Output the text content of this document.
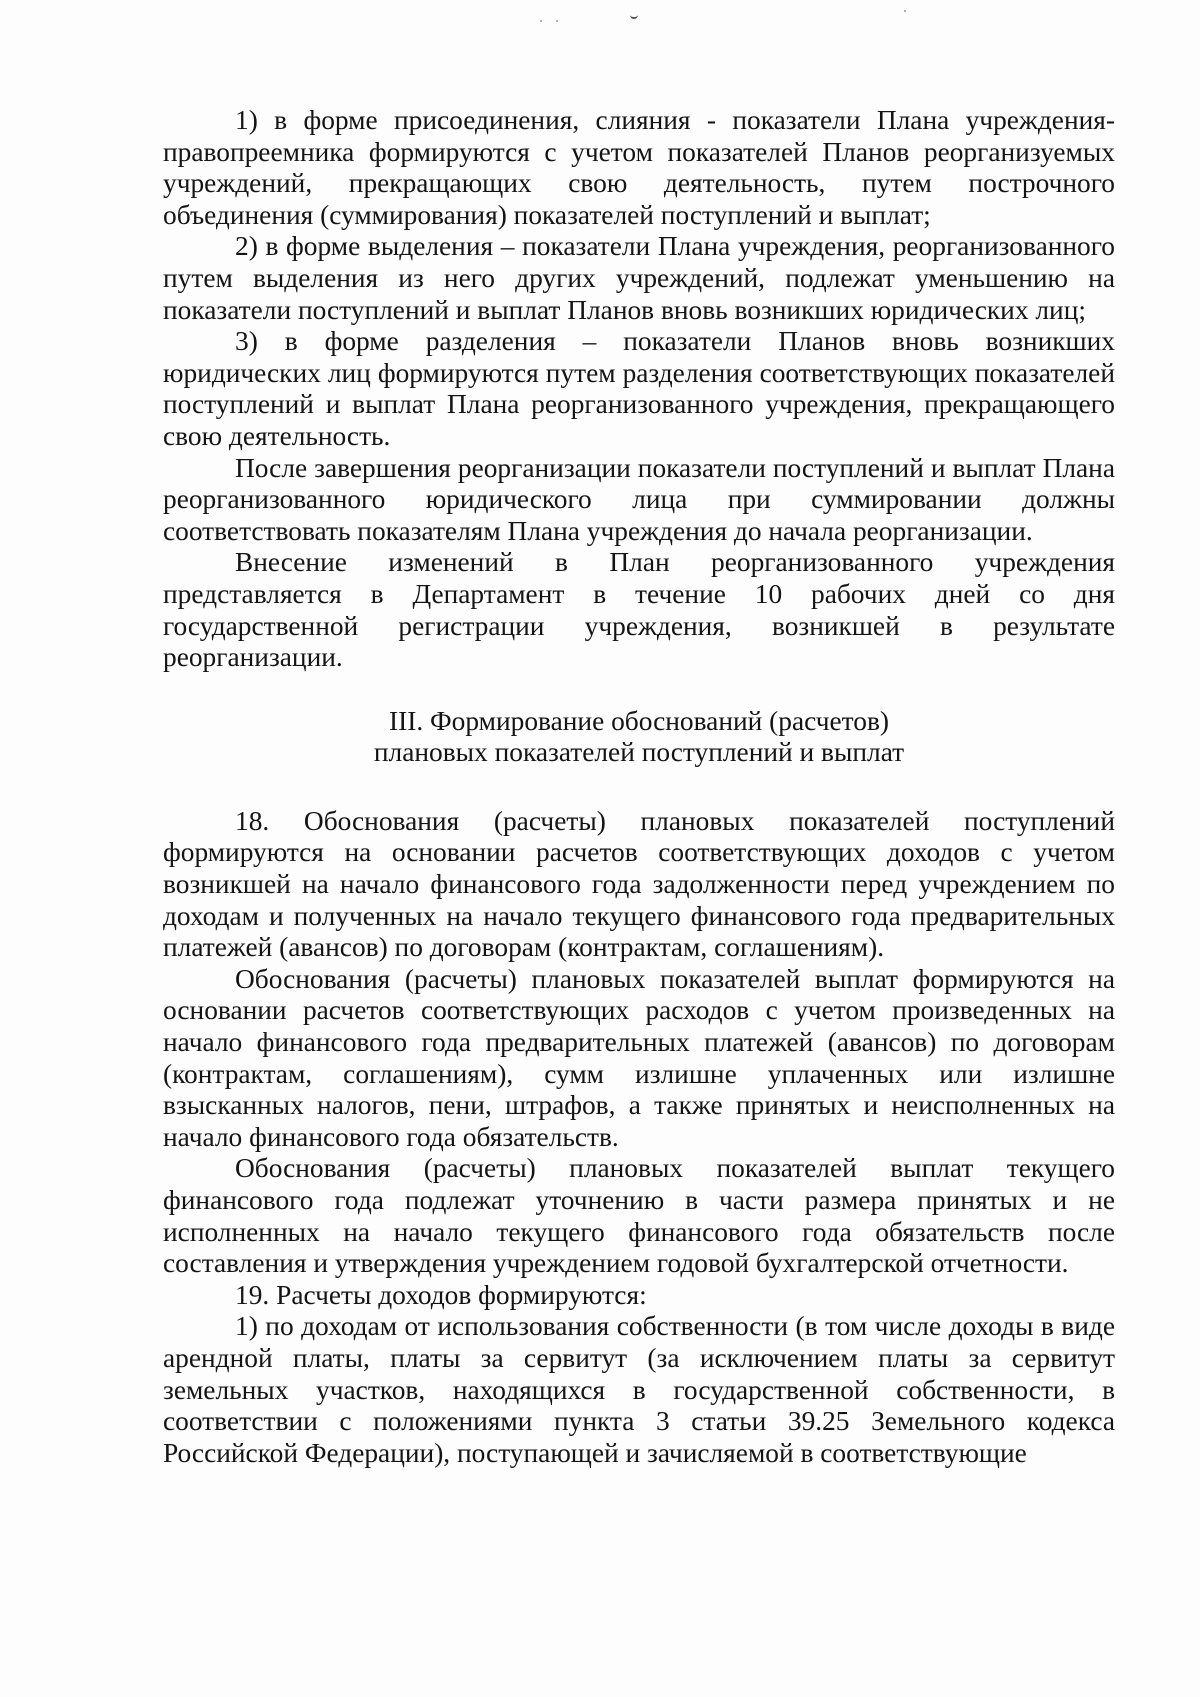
1) в форме присоединения, слияния - показатели Плана учреждения-правопреемника формируются с учетом показателей Планов реорганизуемых учреждений, прекращающих свою деятельность, путем построчного объединения (суммирования) показателей поступлений и выплат;

2) в форме выделения – показатели Плана учреждения, реорганизованного путем выделения из него других учреждений, подлежат уменьшению на показатели поступлений и выплат Планов вновь возникших юридических лиц;

3) в форме разделения – показатели Планов вновь возникших юридических лиц формируются путем разделения соответствующих показателей поступлений и выплат Плана реорганизованного учреждения, прекращающего свою деятельность.

После завершения реорганизации показатели поступлений и выплат Плана реорганизованного юридического лица при суммировании должны соответствовать показателям Плана учреждения до начала реорганизации.

Внесение изменений в План реорганизованного учреждения представляется в Департамент в течение 10 рабочих дней со дня государственной регистрации учреждения, возникшей в результате реорганизации.

III. Формирование обоснований (расчетов)
плановых показателей поступлений и выплат

18. Обоснования (расчеты) плановых показателей поступлений формируются на основании расчетов соответствующих доходов с учетом возникшей на начало финансового года задолженности перед учреждением по доходам и полученных на начало текущего финансового года предварительных платежей (авансов) по договорам (контрактам, соглашениям).

Обоснования (расчеты) плановых показателей выплат формируются на основании расчетов соответствующих расходов с учетом произведенных на начало финансового года предварительных платежей (авансов) по договорам (контрактам, соглашениям), сумм излишне уплаченных или излишне взысканных налогов, пени, штрафов, а также принятых и неисполненных на начало финансового года обязательств.

Обоснования (расчеты) плановых показателей выплат текущего финансового года подлежат уточнению в части размера принятых и не исполненных на начало текущего финансового года обязательств после составления и утверждения учреждением годовой бухгалтерской отчетности.

19. Расчеты доходов формируются:

1) по доходам от использования собственности (в том числе доходы в виде арендной платы, платы за сервитут (за исключением платы за сервитут земельных участков, находящихся в государственной собственности, в соответствии с положениями пункта 3 статьи 39.25 Земельного кодекса Российской Федерации), поступающей и зачисляемой в соответствующие
